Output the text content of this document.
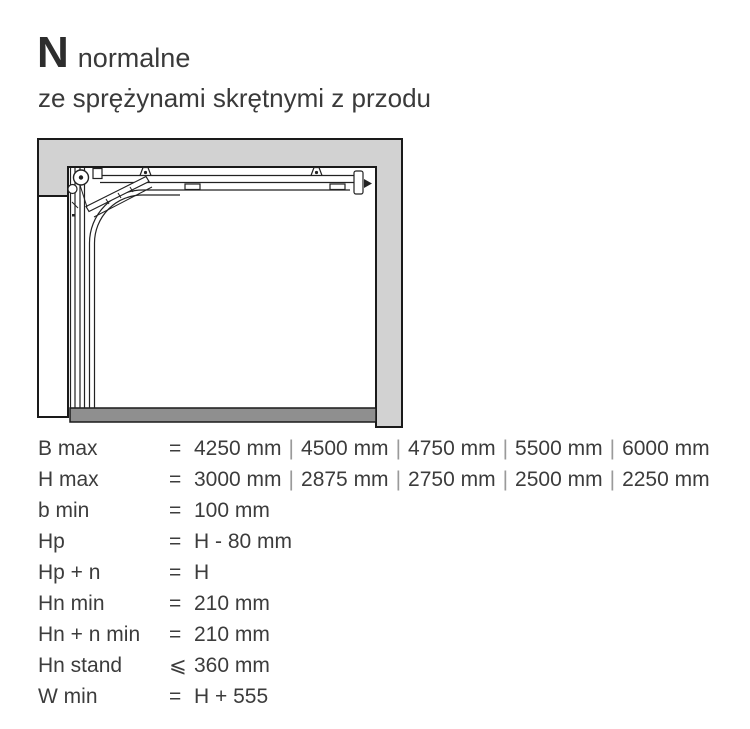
N normalne
ze sprężynami skrętnymi z przodu
B max	= 4250 mm | 4500 mm | 4750 mm | 5500 mm | 6000 mm
H max	= 3000 mm | 2875 mm | 2750 mm | 2500 mm | 2250 mm
b min	= 100 mm
Hp	= H - 80 mm
Hp + n	= H
Hn min	= 210 mm
Hn + n min	= 210 mm
Hn stand	⩽ 360 mm
W min	= H + 555
